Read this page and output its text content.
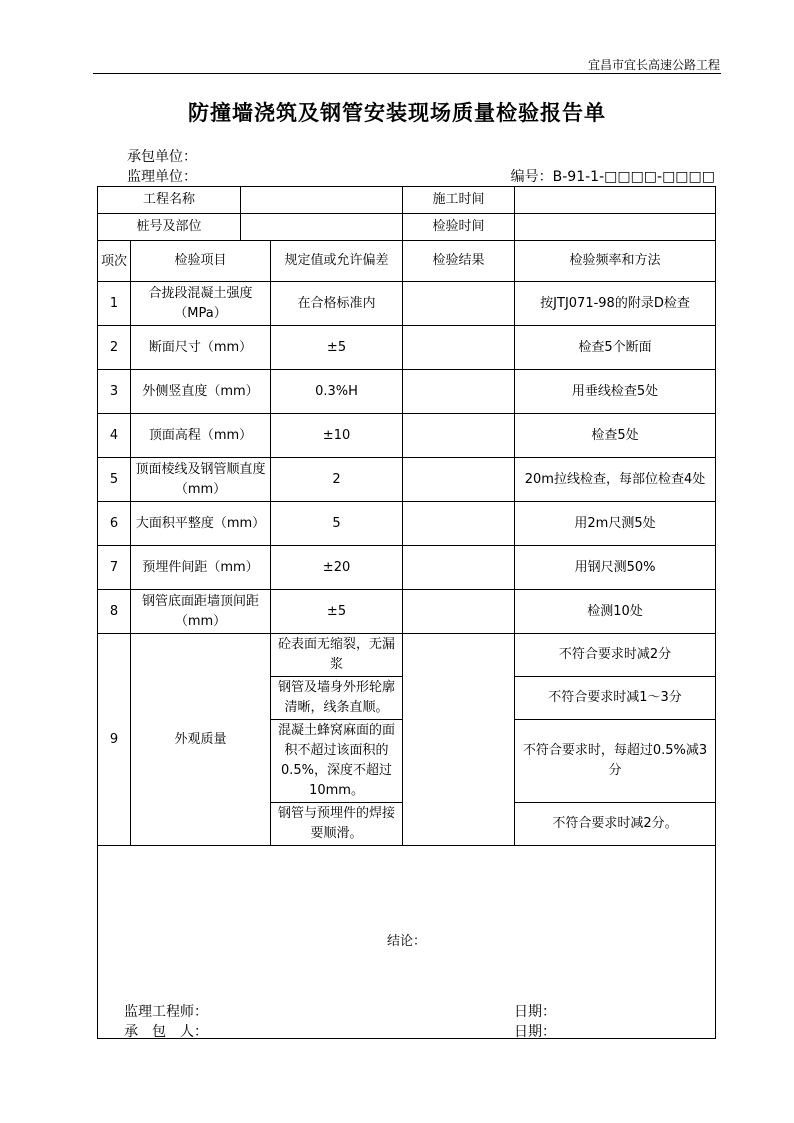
宜昌市宜长高速公路工程
防撞墙浇筑及钢管安装现场质量检验报告单
承包单位：
监理单位：	编号：B-91-1-□□□□-□□□□
工程名称				施工时间	
桩号及部位				检验时间	
项次	检验项目		规定值或允许偏差	检验结果	检验频率和方法
1	合拢段混凝土强度（MPa）		在合格标准内		按JTJ071-98的附录D检查
2	断面尺寸（mm）		±5		检查5个断面
3	外侧竖直度（mm）		0.3%H		用垂线检查5处
4	顶面高程（mm）		±10		检查5处
5	顶面棱线及钢管顺直度（mm）		2		20m拉线检查，每部位检查4处
6	大面积平整度（mm）		5		用2m尺测5处
7	预埋件间距（mm）		±20		用钢尺测50%
8	钢管底面距墙顶间距（mm）		±5		检测10处
9	外观质量		砼表面无缩裂，无漏浆		不符合要求时减2分
			钢管及墙身外形轮廓清晰，线条直顺。		不符合要求时减1～3分
			混凝土蜂窝麻面的面积不超过该面积的0.5%，深度不超过10mm。		不符合要求时，每超过0.5%减3分
			钢管与预埋件的焊接要顺滑。		不符合要求时减2分。
结论：					
监理工程师：	日期：
承　包　人：	日期：
